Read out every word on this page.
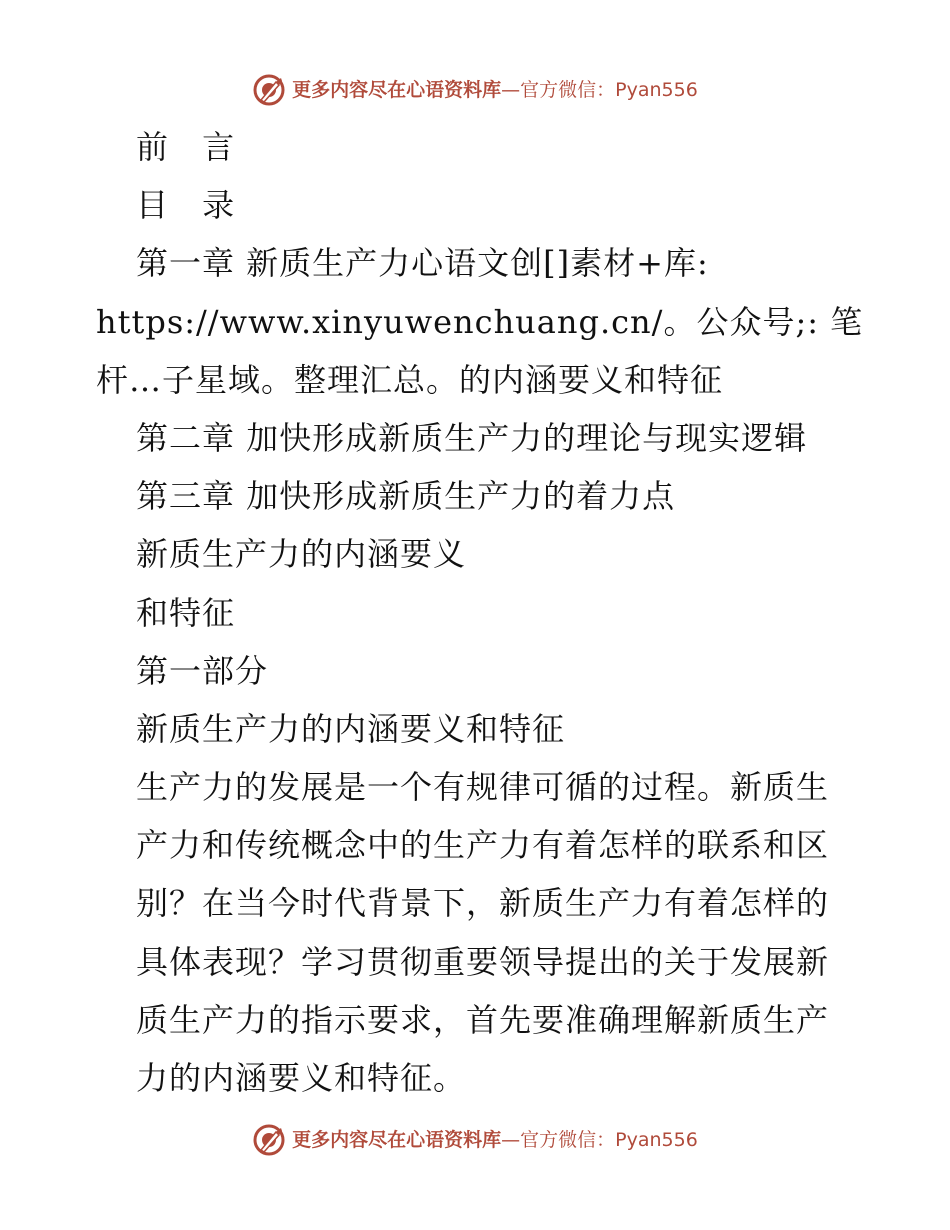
更多内容尽在心语资料库—官方微信：Pyan556
前 言
目 录
第一章 新质生产力心语文创[]素材+库:
https://www.xinyuwenchuang.cn/。公众号;: 笔
杆…子星域。整理汇总。的内涵要义和特征
第二章 加快形成新质生产力的理论与现实逻辑
第三章 加快形成新质生产力的着力点
新质生产力的内涵要义
和特征
第一部分
新质生产力的内涵要义和特征
生产力的发展是一个有规律可循的过程。新质生
产力和传统概念中的生产力有着怎样的联系和区
别？在当今时代背景下，新质生产力有着怎样的
具体表现？学习贯彻重要领导提出的关于发展新
质生产力的指示要求，首先要准确理解新质生产
力的内涵要义和特征。
更多内容尽在心语资料库—官方微信：Pyan556
